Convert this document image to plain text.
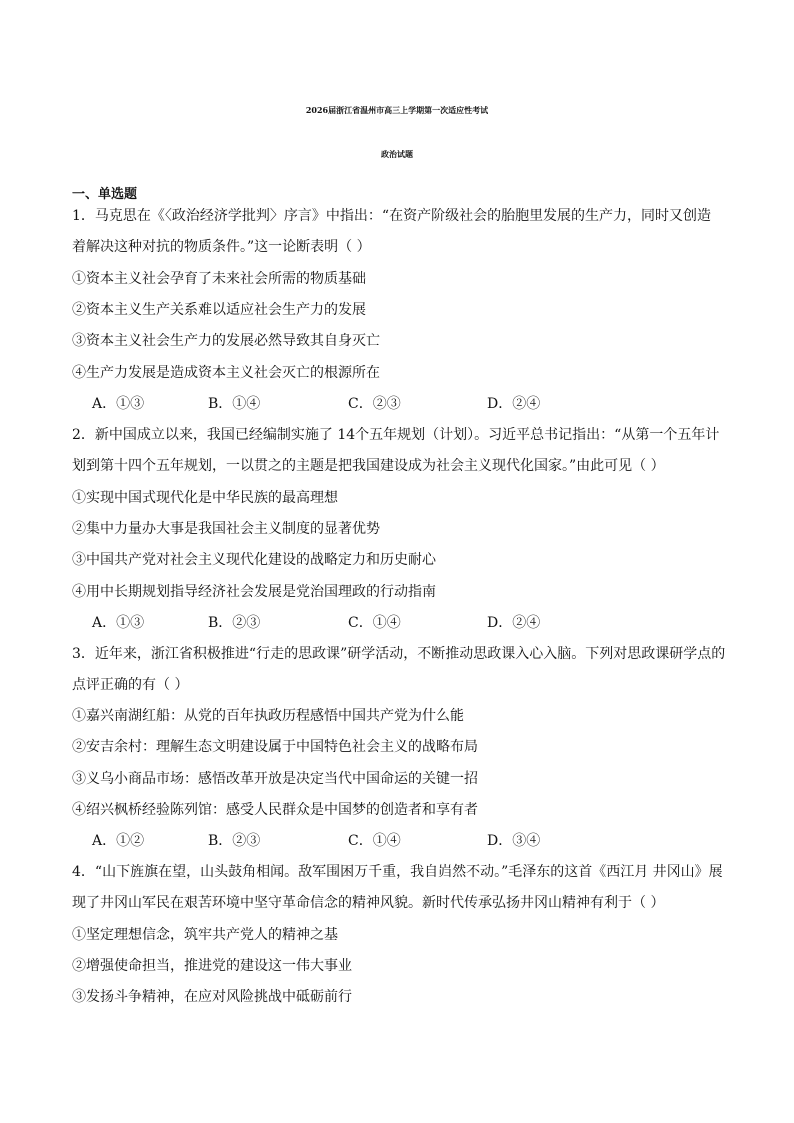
2026届浙江省温州市高三上学期第一次适应性考试
政治试题
一、单选题
1．马克思在《〈政治经济学批判〉序言》中指出：“在资产阶级社会的胎胞里发展的生产力，同时又创造
着解决这种对抗的物质条件。”这一论断表明（ ）
①资本主义社会孕育了未来社会所需的物质基础
②资本主义生产关系难以适应社会生产力的发展
③资本主义社会生产力的发展必然导致其自身灭亡
④生产力发展是造成资本主义社会灭亡的根源所在
A．①③	B．①④	C．②③	D．②④
2．新中国成立以来，我国已经编制实施了 14个五年规划（计划）。习近平总书记指出：“从第一个五年计
划到第十四个五年规划，一以贯之的主题是把我国建设成为社会主义现代化国家。”由此可见（ ）
①实现中国式现代化是中华民族的最高理想
②集中力量办大事是我国社会主义制度的显著优势
③中国共产党对社会主义现代化建设的战略定力和历史耐心
④用中长期规划指导经济社会发展是党治国理政的行动指南
A．①③	B．②③	C．①④	D．②④
3．近年来，浙江省积极推进“行走的思政课”研学活动，不断推动思政课入心入脑。下列对思政课研学点的
点评正确的有（ ）
①嘉兴南湖红船：从党的百年执政历程感悟中国共产党为什么能
②安吉余村：理解生态文明建设属于中国特色社会主义的战略布局
③义乌小商品市场：感悟改革开放是决定当代中国命运的关键一招
④绍兴枫桥经验陈列馆：感受人民群众是中国梦的创造者和享有者
A．①②	B．②③	C．①④	D．③④
4．“山下旌旗在望，山头鼓角相闻。敌军围困万千重，我自岿然不动。”毛泽东的这首《西江月 井冈山》展
现了井冈山军民在艰苦环境中坚守革命信念的精神风貌。新时代传承弘扬井冈山精神有利于（ ）
①坚定理想信念，筑牢共产党人的精神之基
②增强使命担当，推进党的建设这一伟大事业
③发扬斗争精神，在应对风险挑战中砥砺前行
